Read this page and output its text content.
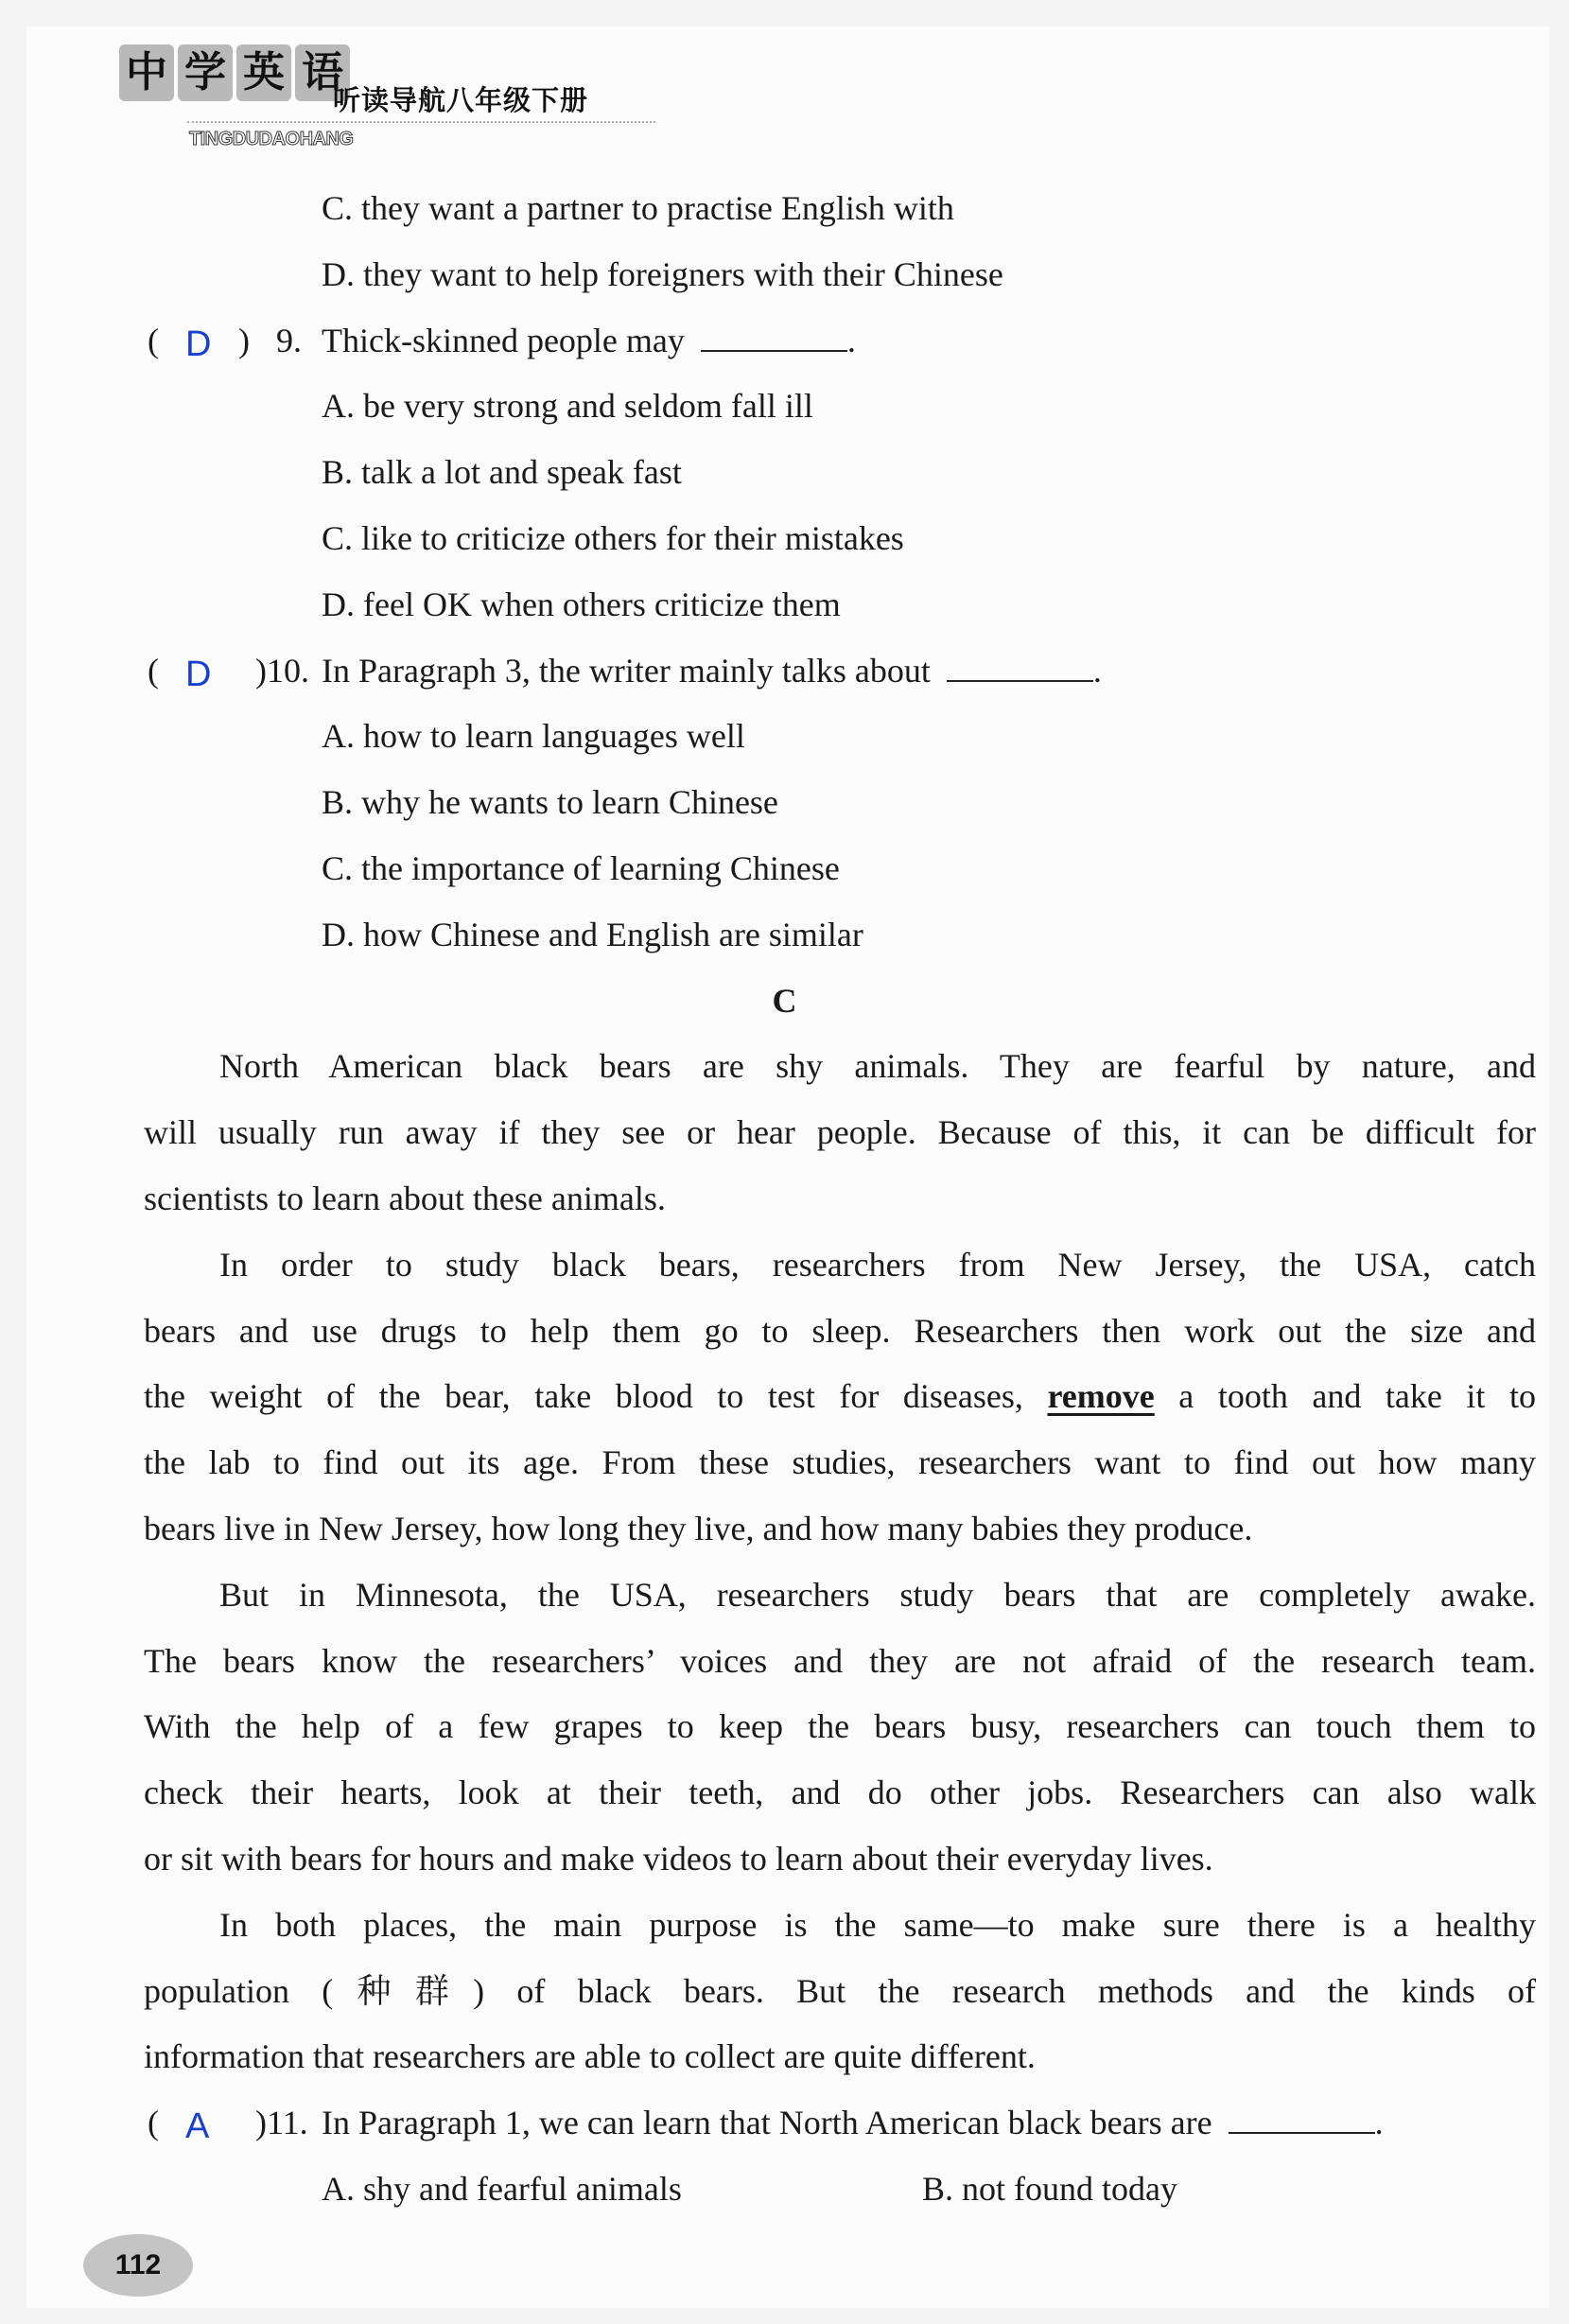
中 学 英 语
听读导航八年级下册
TINGDUDAOHANG
C. they want a partner to practise English with
D. they want to help foreigners with their Chinese
( D ) 9. Thick-skinned people may	.
A. be very strong and seldom fall ill
B. talk a lot and speak fast
C. like to criticize others for their mistakes
D. feel OK when others criticize them
( D )10. In Paragraph 3, the writer mainly talks about	.
A. how to learn languages well
B. why he wants to learn Chinese
C. the importance of learning Chinese
D. how Chinese and English are similar
C
North American black bears are shy animals. They are fearful by nature, and
will usually run away if they see or hear people. Because of this, it can be difficult for
scientists to learn about these animals.
In order to study black bears, researchers from New Jersey, the USA, catch
bears and use drugs to help them go to sleep. Researchers then work out the size and
the weight of the bear, take blood to test for diseases, remove a tooth and take it to
the lab to find out its age. From these studies, researchers want to find out how many
bears live in New Jersey, how long they live, and how many babies they produce.
But in Minnesota, the USA, researchers study bears that are completely awake.
The bears know the researchers’ voices and they are not afraid of the research team.
With the help of a few grapes to keep the bears busy, researchers can touch them to
check their hearts, look at their teeth, and do other jobs. Researchers can also walk
or sit with bears for hours and make videos to learn about their everyday lives.
In both places, the main purpose is the same—to make sure there is a healthy
population (种群) of black bears. But the research methods and the kinds of
information that researchers are able to collect are quite different.
( A )11. In Paragraph 1, we can learn that North American black bears are	.
A. shy and fearful animals	B. not found today
112
